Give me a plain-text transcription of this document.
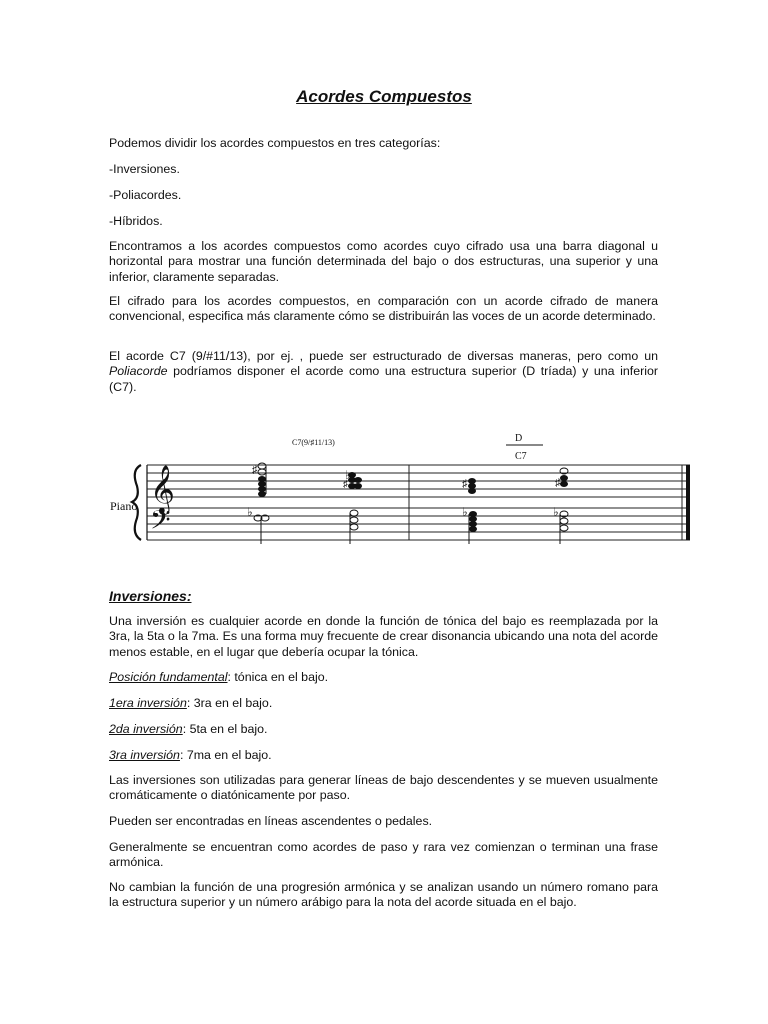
Acordes Compuestos

Podemos dividir los acordes compuestos en tres categorías:

-Inversiones.

-Poliacordes.

-Híbridos.

Encontramos a los acordes compuestos como acordes cuyo cifrado usa una barra diagonal u horizontal para mostrar una función determinada del bajo o dos estructuras, una superior y una inferior, claramente separadas.

El cifrado para los acordes compuestos, en comparación con un acorde cifrado de manera convencional, especifica más claramente cómo se distribuirán las voces de un acorde determinado.

El acorde C7 (9/#11/13), por ej. , puede ser estructurado de diversas maneras, pero como un Poliacorde podríamos disponer el acorde como una estructura superior (D tríada) y una inferior (C7).

𝄞
𝄢
Piano
C7(9/♯11/13)	D
C7
♯
♯
♭
♯	♯
♭	♭	♭
Inversiones:

Una inversión es cualquier acorde en donde la función de tónica del bajo es reemplazada por la 3ra, la 5ta o la 7ma. Es una forma muy frecuente de crear disonancia ubicando una nota del acorde menos estable, en el lugar que debería ocupar la tónica.

Posición fundamental: tónica en el bajo.

1era inversión: 3ra en el bajo.

2da inversión: 5ta en el bajo.

3ra inversión: 7ma en el bajo.

Las inversiones son utilizadas para generar líneas de bajo descendentes y se mueven usualmente cromáticamente o diatónicamente por paso.

Pueden ser encontradas en líneas ascendentes o pedales.

Generalmente se encuentran como acordes de paso y rara vez comienzan o terminan una frase armónica.

No cambian la función de una progresión armónica y se analizan usando un número romano para la estructura superior y un número arábigo para la nota del acorde situada en el bajo.
